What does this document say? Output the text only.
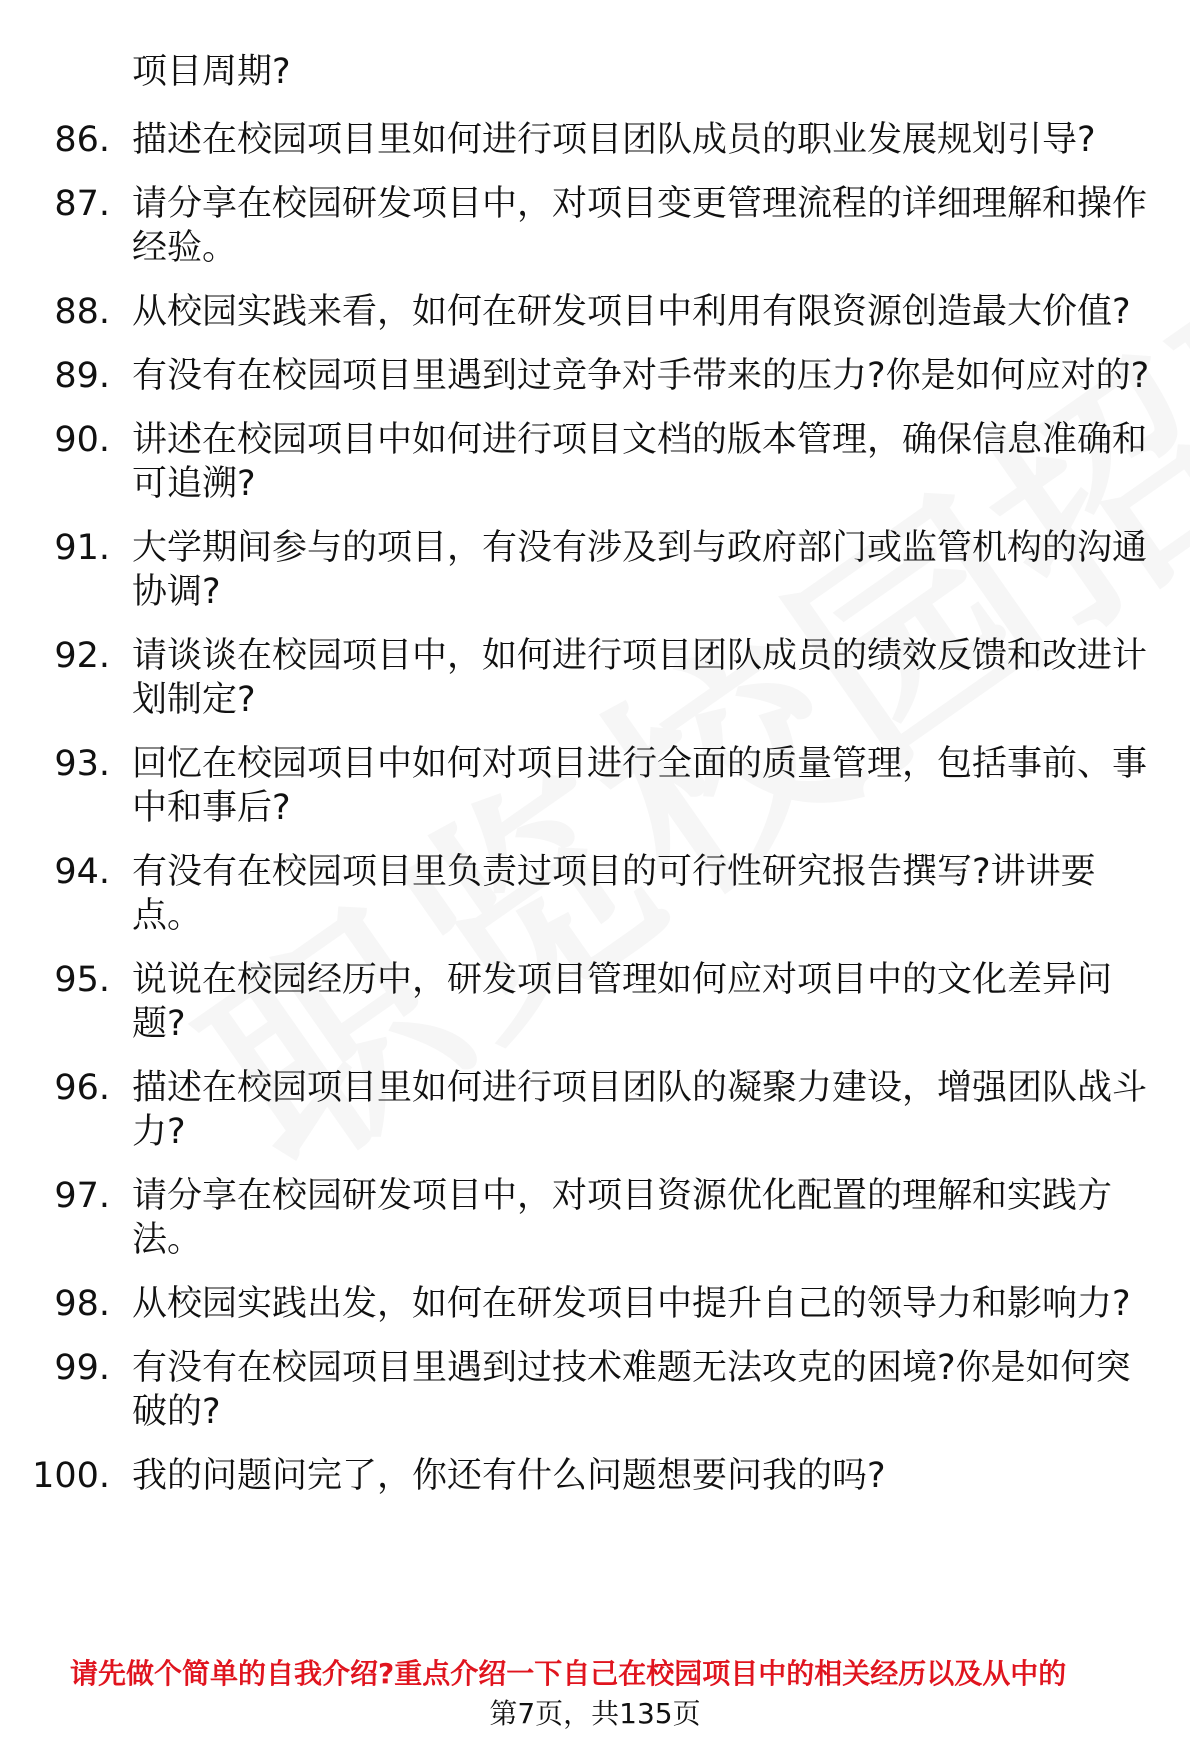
项目周期?
86. 描述在校园项目里如何进行项目团队成员的职业发展规划引导?
87. 请分享在校园研发项目中，对项目变更管理流程的详细理解和操作经验。
88. 从校园实践来看，如何在研发项目中利用有限资源创造最大价值?
89. 有没有在校园项目里遇到过竞争对手带来的压力?你是如何应对的?
90. 讲述在校园项目中如何进行项目文档的版本管理，确保信息准确和可追溯?
91. 大学期间参与的项目，有没有涉及到与政府部门或监管机构的沟通协调?
92. 请谈谈在校园项目中，如何进行项目团队成员的绩效反馈和改进计划制定?
93. 回忆在校园项目中如何对项目进行全面的质量管理，包括事前、事中和事后?
94. 有没有在校园项目里负责过项目的可行性研究报告撰写?讲讲要点。
95. 说说在校园经历中，研发项目管理如何应对项目中的文化差异问题?
96. 描述在校园项目里如何进行项目团队的凝聚力建设，增强团队战斗力?
97. 请分享在校园研发项目中，对项目资源优化配置的理解和实践方法。
98. 从校园实践出发，如何在研发项目中提升自己的领导力和影响力?
99. 有没有在校园项目里遇到过技术难题无法攻克的困境?你是如何突破的?
100. 我的问题问完了，你还有什么问题想要问我的吗?
请先做个简单的自我介绍?重点介绍一下自己在校园项目中的相关经历以及从中的
第7页，共135页
